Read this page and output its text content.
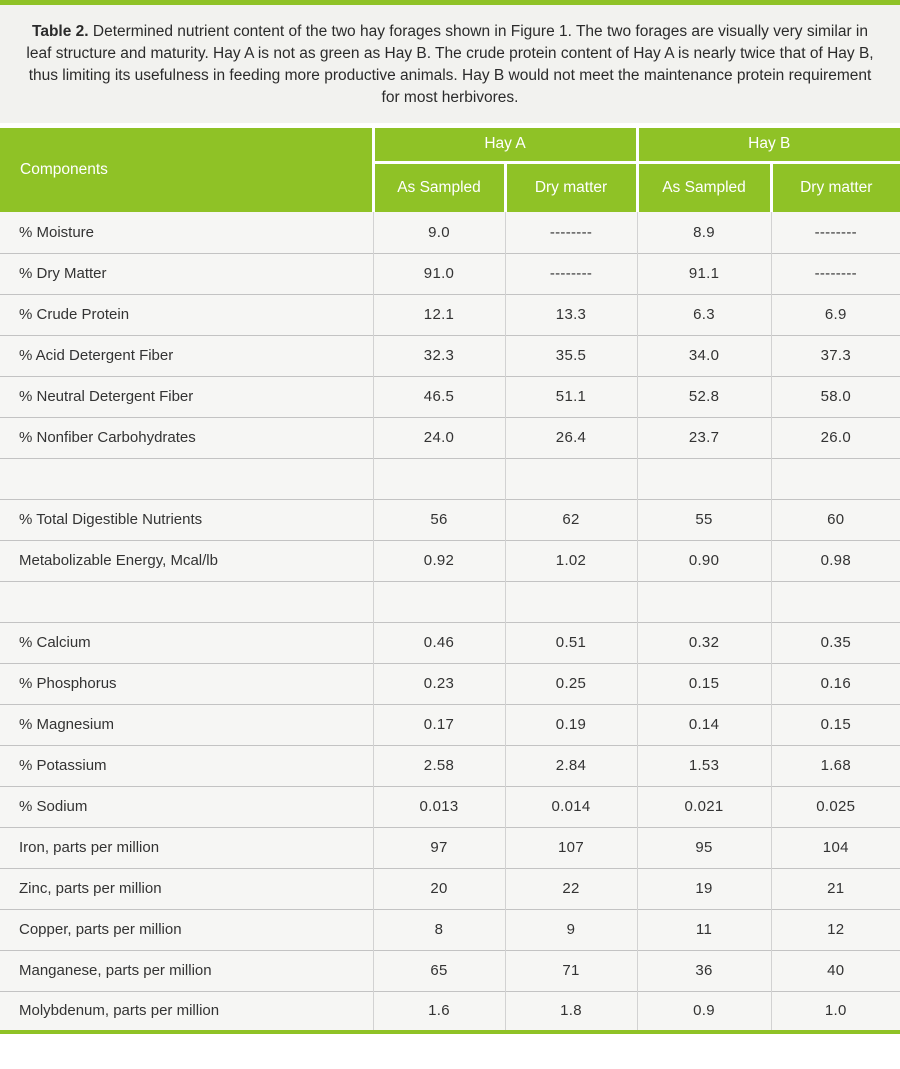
Table 2. Determined nutrient content of the two hay forages shown in Figure 1. The two forages are visually very similar in leaf structure and maturity. Hay A is not as green as Hay B. The crude protein content of Hay A is nearly twice that of Hay B, thus limiting its usefulness in feeding more productive animals. Hay B would not meet the maintenance protein requirement for most herbivores.
Components	Hay A		Hay B	
	As Sampled	Dry matter	As Sampled	Dry matter
% Moisture	9.0	--------	8.9	--------
% Dry Matter	91.0	--------	91.1	--------
% Crude Protein	12.1	13.3	6.3	6.9
% Acid Detergent Fiber	32.3	35.5	34.0	37.3
% Neutral Detergent Fiber	46.5	51.1	52.8	58.0
% Nonfiber Carbohydrates	24.0	26.4	23.7	26.0

% Total Digestible Nutrients	56	62	55	60
Metabolizable Energy, Mcal/lb	0.92	1.02	0.90	0.98

% Calcium	0.46	0.51	0.32	0.35
% Phosphorus	0.23	0.25	0.15	0.16
% Magnesium	0.17	0.19	0.14	0.15
% Potassium	2.58	2.84	1.53	1.68
% Sodium	0.013	0.014	0.021	0.025
Iron, parts per million	97	107	95	104
Zinc, parts per million	20	22	19	21
Copper, parts per million	8	9	11	12
Manganese, parts per million	65	71	36	40
Molybdenum, parts per million	1.6	1.8	0.9	1.0
